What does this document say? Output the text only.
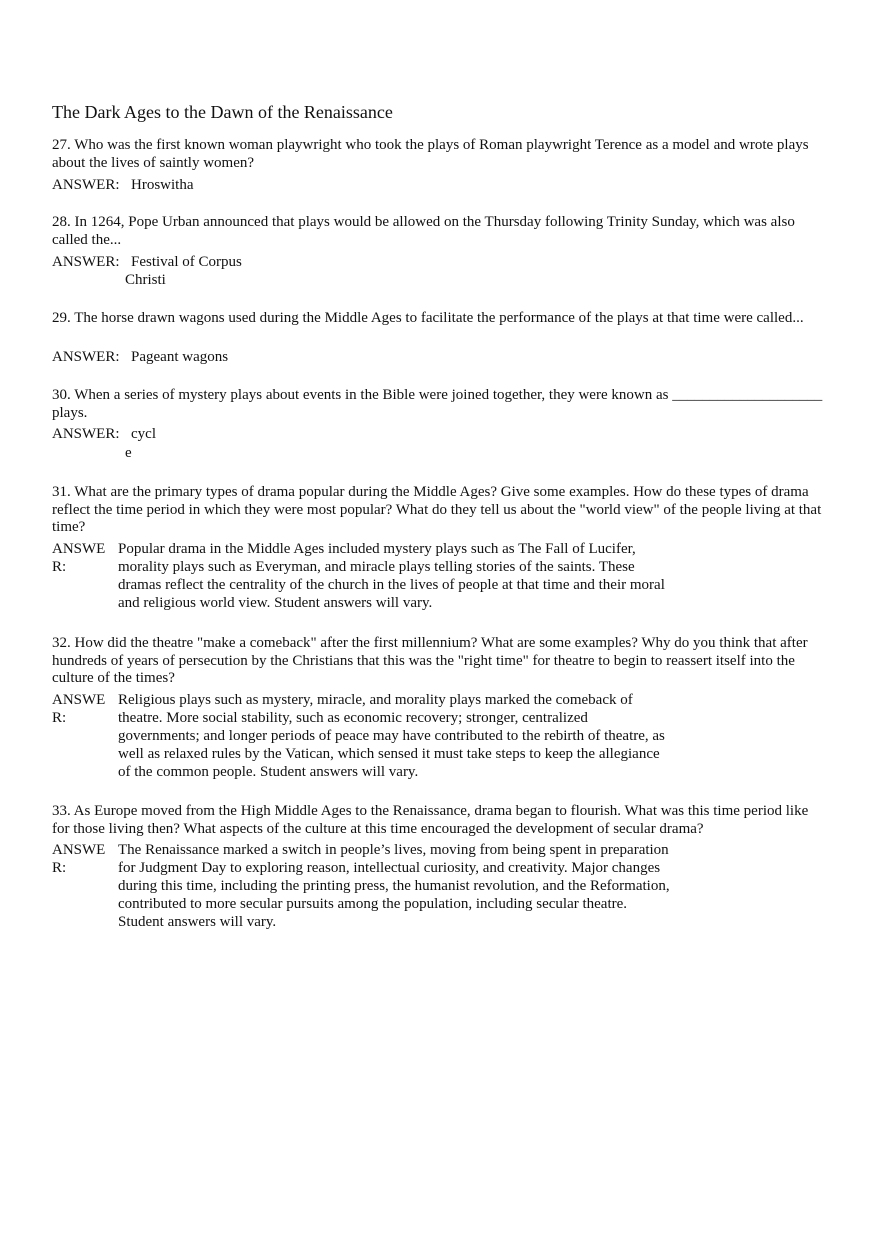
The Dark Ages to the Dawn of the Renaissance
27. Who was the first known woman playwright who took the plays of Roman playwright Terence as a model and wrote plays about the lives of saintly women?
ANSWER: Hroswitha
28. In 1264, Pope Urban announced that plays would be allowed on the Thursday following Trinity Sunday, which was also called the...
ANSWER: Festival of Corpus
Christi
29. The horse drawn wagons used during the Middle Ages to facilitate the performance of the plays at that time were called...
ANSWER: Pageant wagons
30. When a series of mystery plays about events in the Bible were joined together, they were known as ____________________ plays.
ANSWER: cycl
e
31. What are the primary types of drama popular during the Middle Ages? Give some examples. How do these types of drama reflect the time period in which they were most popular? What do they tell us about the "world view" of the people living at that time?
ANSWER:
Popular drama in the Middle Ages included mystery plays such as The Fall of Lucifer, morality plays such as Everyman, and miracle plays telling stories of the saints. These dramas reflect the centrality of the church in the lives of people at that time and their moral and religious world view. Student answers will vary.
32. How did the theatre "make a comeback" after the first millennium? What are some examples? Why do you think that after hundreds of years of persecution by the Christians that this was the "right time" for theatre to begin to reassert itself into the culture of the times?
ANSWER:
Religious plays such as mystery, miracle, and morality plays marked the comeback of theatre. More social stability, such as economic recovery; stronger, centralized governments; and longer periods of peace may have contributed to the rebirth of theatre, as well as relaxed rules by the Vatican, which sensed it must take steps to keep the allegiance of the common people. Student answers will vary.
33. As Europe moved from the High Middle Ages to the Renaissance, drama began to flourish. What was this time period like for those living then? What aspects of the culture at this time encouraged the development of secular drama?
ANSWER:
The Renaissance marked a switch in people’s lives, moving from being spent in preparation for Judgment Day to exploring reason, intellectual curiosity, and creativity. Major changes during this time, including the printing press, the humanist revolution, and the Reformation, contributed to more secular pursuits among the population, including secular theatre. Student answers will vary.
